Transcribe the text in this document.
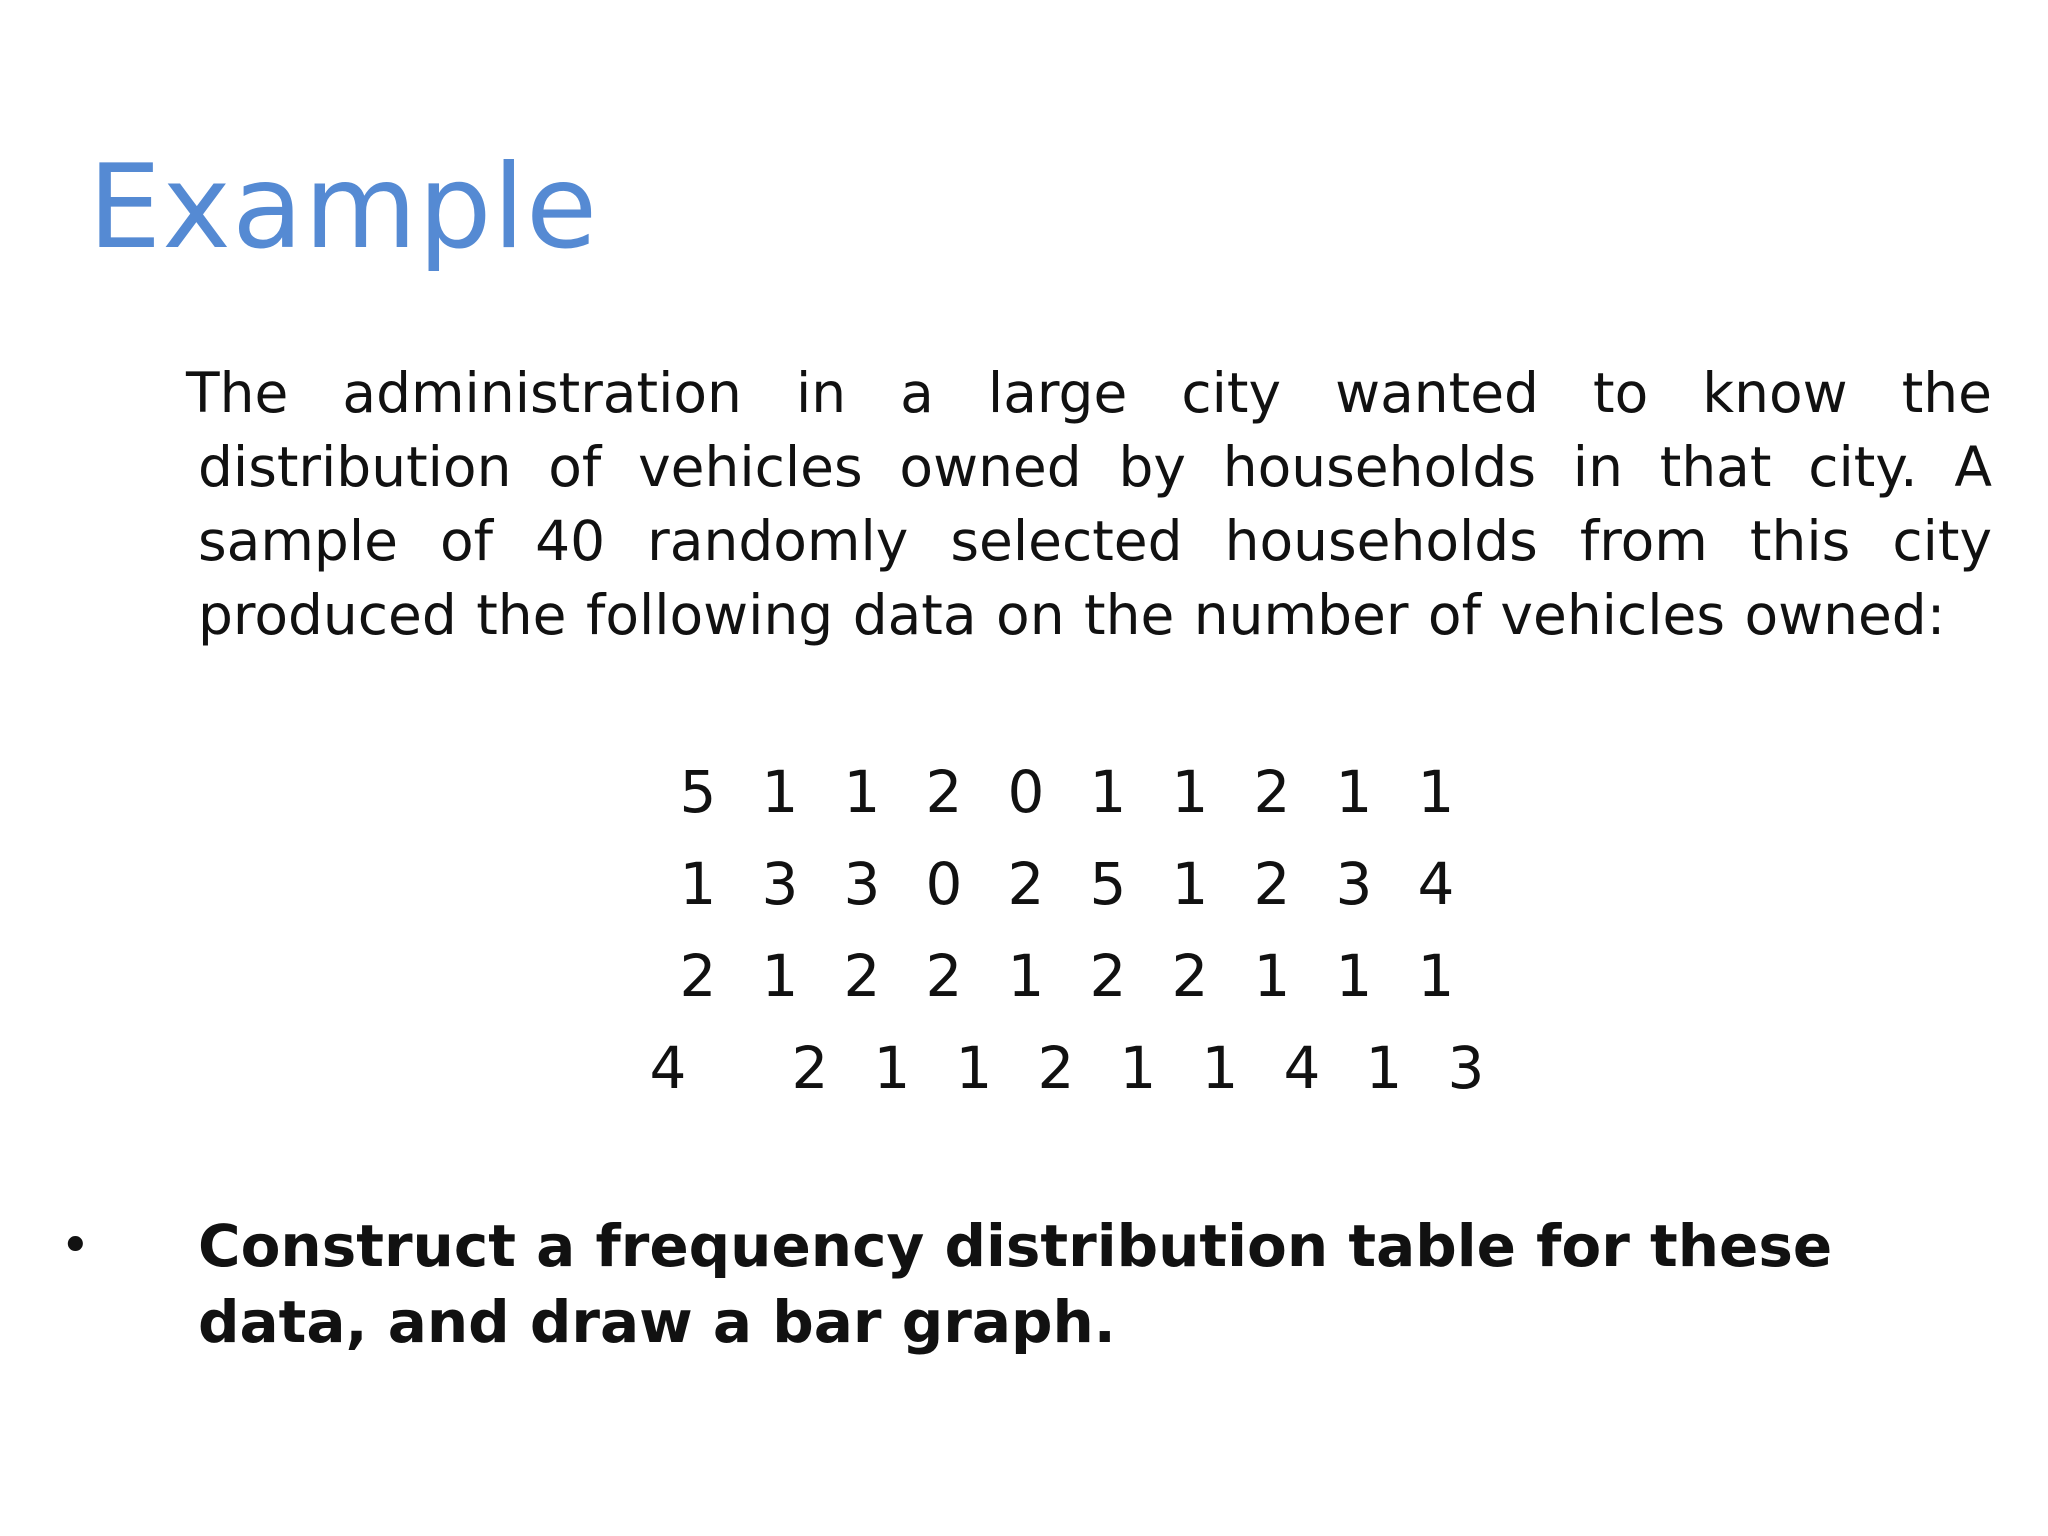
Example
The administration in a large city wanted to know the
distribution of vehicles owned by households in that city. A
sample of 40 randomly selected households from this city
produced the following data on the number of vehicles owned:
5 1 1 2 0 1 1 2 1 1
1 3 3 0 2 5 1 2 3 4
2 1 2 2 1 2 2 1 1 1
4 2 1 1 2 1 1 4 1 3
• Construct a frequency distribution table for these data, and draw a bar graph.
